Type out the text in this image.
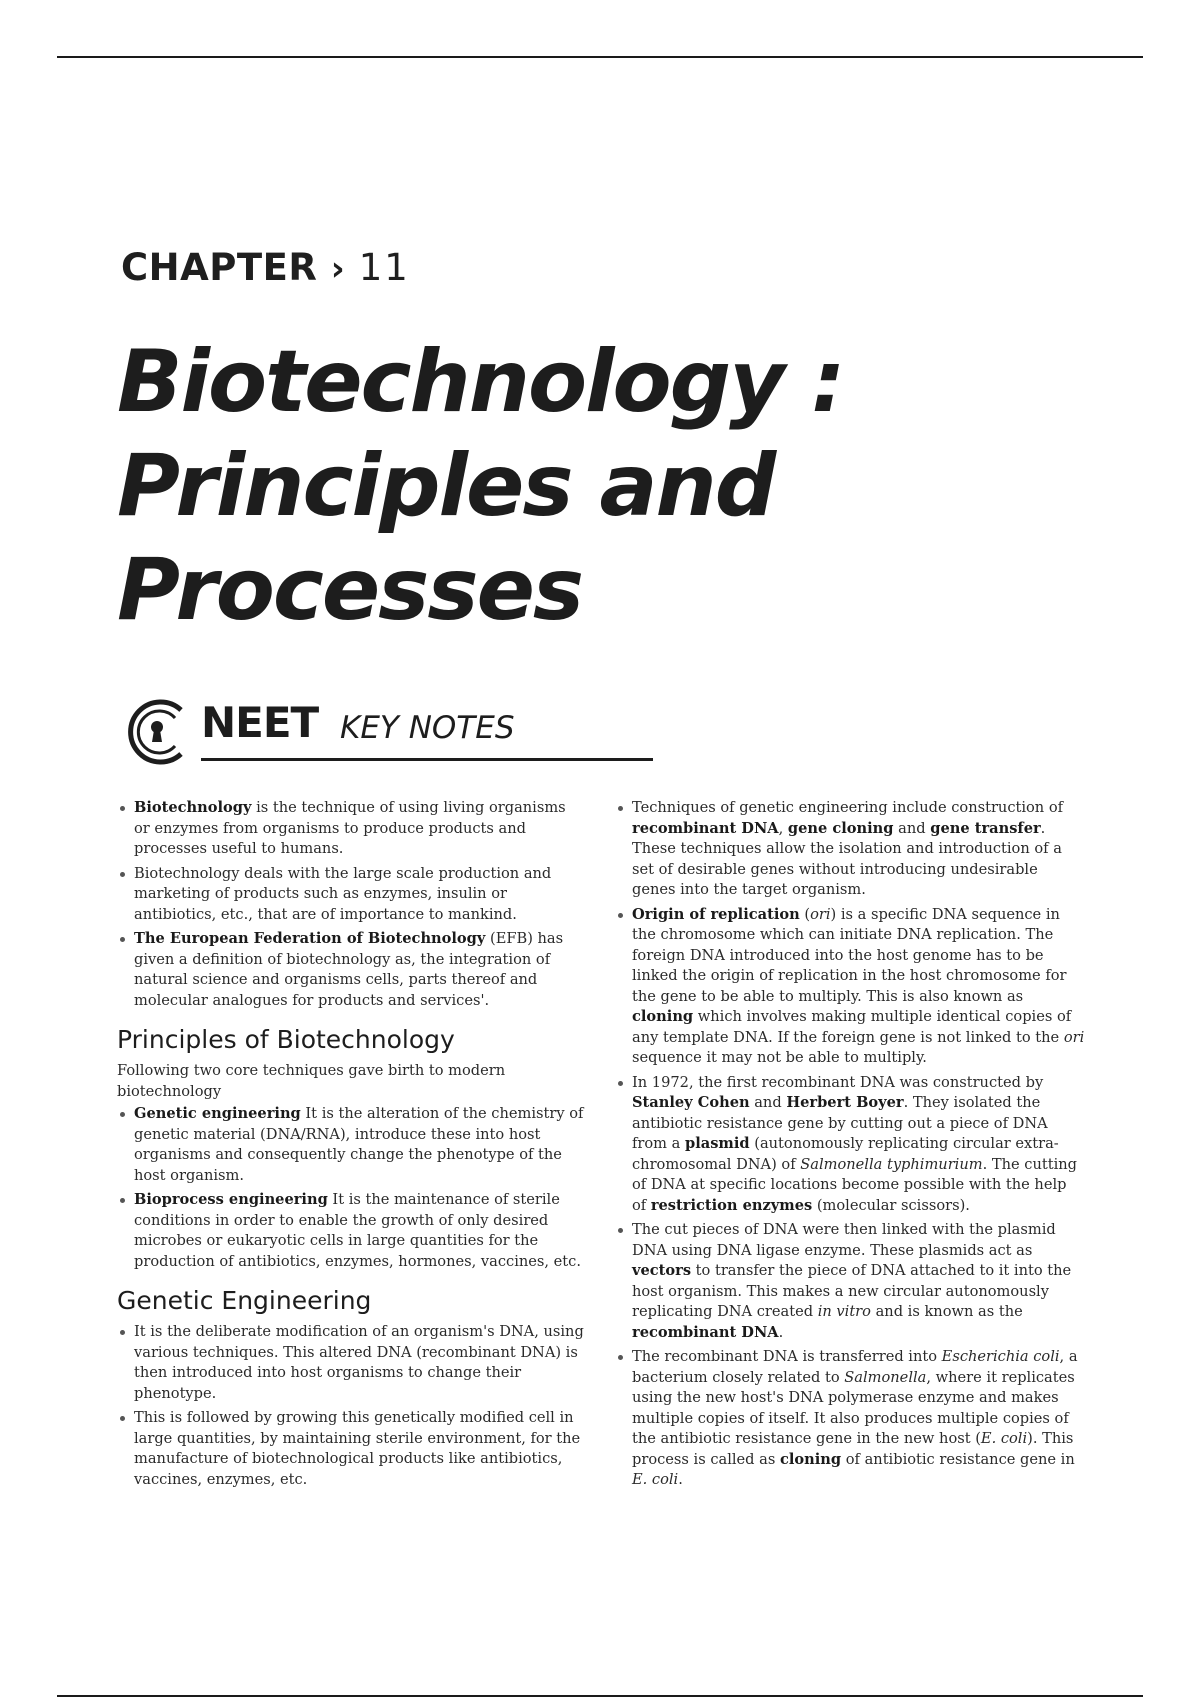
CHAPTER › 11
Biotechnology :
Principles and
Processes
NEET KEY NOTES
Biotechnology is the technique of using living organisms or enzymes from organisms to produce products and processes useful to humans.
Biotechnology deals with the large scale production and marketing of products such as enzymes, insulin or antibiotics, etc., that are of importance to mankind.
The European Federation of Biotechnology (EFB) has given a definition of biotechnology as, the integration of natural science and organisms cells, parts thereof and molecular analogues for products and services'.
Principles of Biotechnology

Following two core techniques gave birth to modern biotechnology

Genetic engineering It is the alteration of the chemistry of genetic material (DNA/RNA), introduce these into host organisms and consequently change the phenotype of the host organism.
Bioprocess engineering It is the maintenance of sterile conditions in order to enable the growth of only desired microbes or eukaryotic cells in large quantities for the production of antibiotics, enzymes, hormones, vaccines, etc.
Genetic Engineering
It is the deliberate modification of an organism's DNA, using various techniques. This altered DNA (recombinant DNA) is then introduced into host organisms to change their phenotype.
This is followed by growing this genetically modified cell in large quantities, by maintaining sterile environment, for the manufacture of biotechnological products like antibiotics, vaccines, enzymes, etc.
Techniques of genetic engineering include construction of recombinant DNA, gene cloning and gene transfer. These techniques allow the isolation and introduction of a set of desirable genes without introducing undesirable genes into the target organism.
Origin of replication (ori) is a specific DNA sequence in the chromosome which can initiate DNA replication. The foreign DNA introduced into the host genome has to be linked the origin of replication in the host chromosome for the gene to be able to multiply. This is also known as cloning which involves making multiple identical copies of any template DNA. If the foreign gene is not linked to the ori sequence it may not be able to multiply.
In 1972, the first recombinant DNA was constructed by Stanley Cohen and Herbert Boyer. They isolated the antibiotic resistance gene by cutting out a piece of DNA from a plasmid (autonomously replicating circular extra-chromosomal DNA) of Salmonella typhimurium. The cutting of DNA at specific locations become possible with the help of restriction enzymes (molecular scissors).
The cut pieces of DNA were then linked with the plasmid DNA using DNA ligase enzyme. These plasmids act as vectors to transfer the piece of DNA attached to it into the host organism. This makes a new circular autonomously replicating DNA created in vitro and is known as the recombinant DNA.
The recombinant DNA is transferred into Escherichia coli, a bacterium closely related to Salmonella, where it replicates using the new host's DNA polymerase enzyme and makes multiple copies of itself. It also produces multiple copies of the antibiotic resistance gene in the new host (E. coli). This process is called as cloning of antibiotic resistance gene in E. coli.
